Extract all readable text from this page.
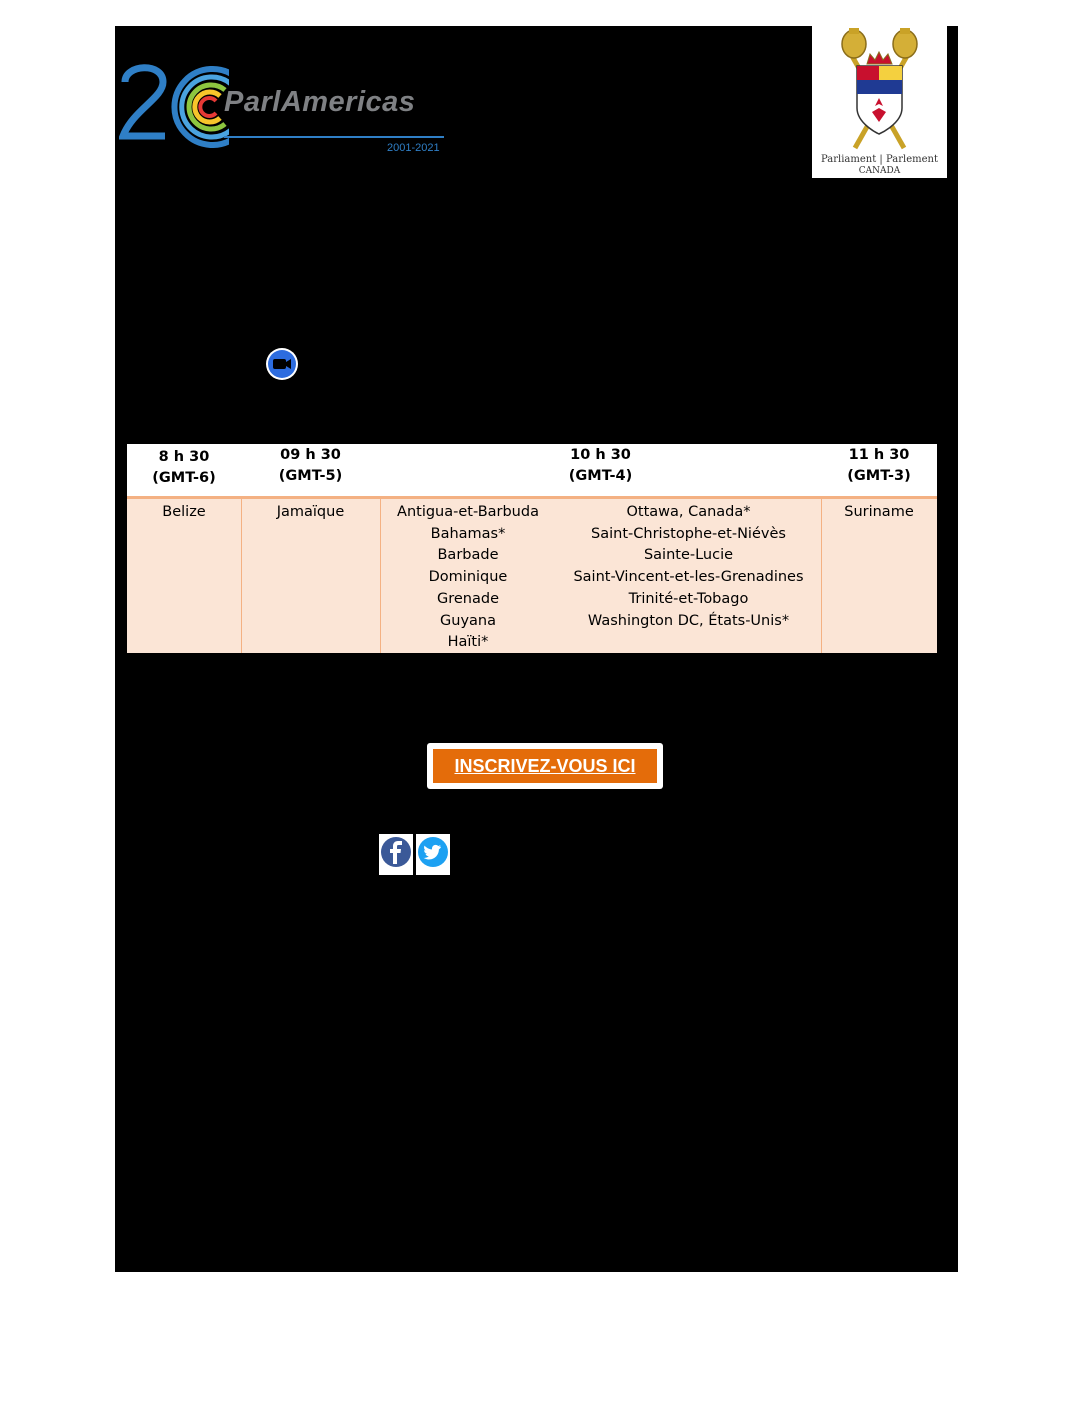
ParlAmericas
2001-2021
Parliament | Parlement
CANADA
8 h 30
(GMT-6)
09 h 30
(GMT-5)
10 h 30
(GMT-4)
11 h 30
(GMT-3)
Belize	Jamaïque	Antigua-et-Barbuda
Bahamas*
Barbade
Dominique
Grenade
Guyana
Haïti*
Ottawa, Canada*
Saint-Christophe-et-Niévès
Sainte-Lucie
Saint-Vincent-et-les-Grenadines
Trinité-et-Tobago
Washington DC, États-Unis*
Suriname
INSCRIVEZ-VOUS ICI
